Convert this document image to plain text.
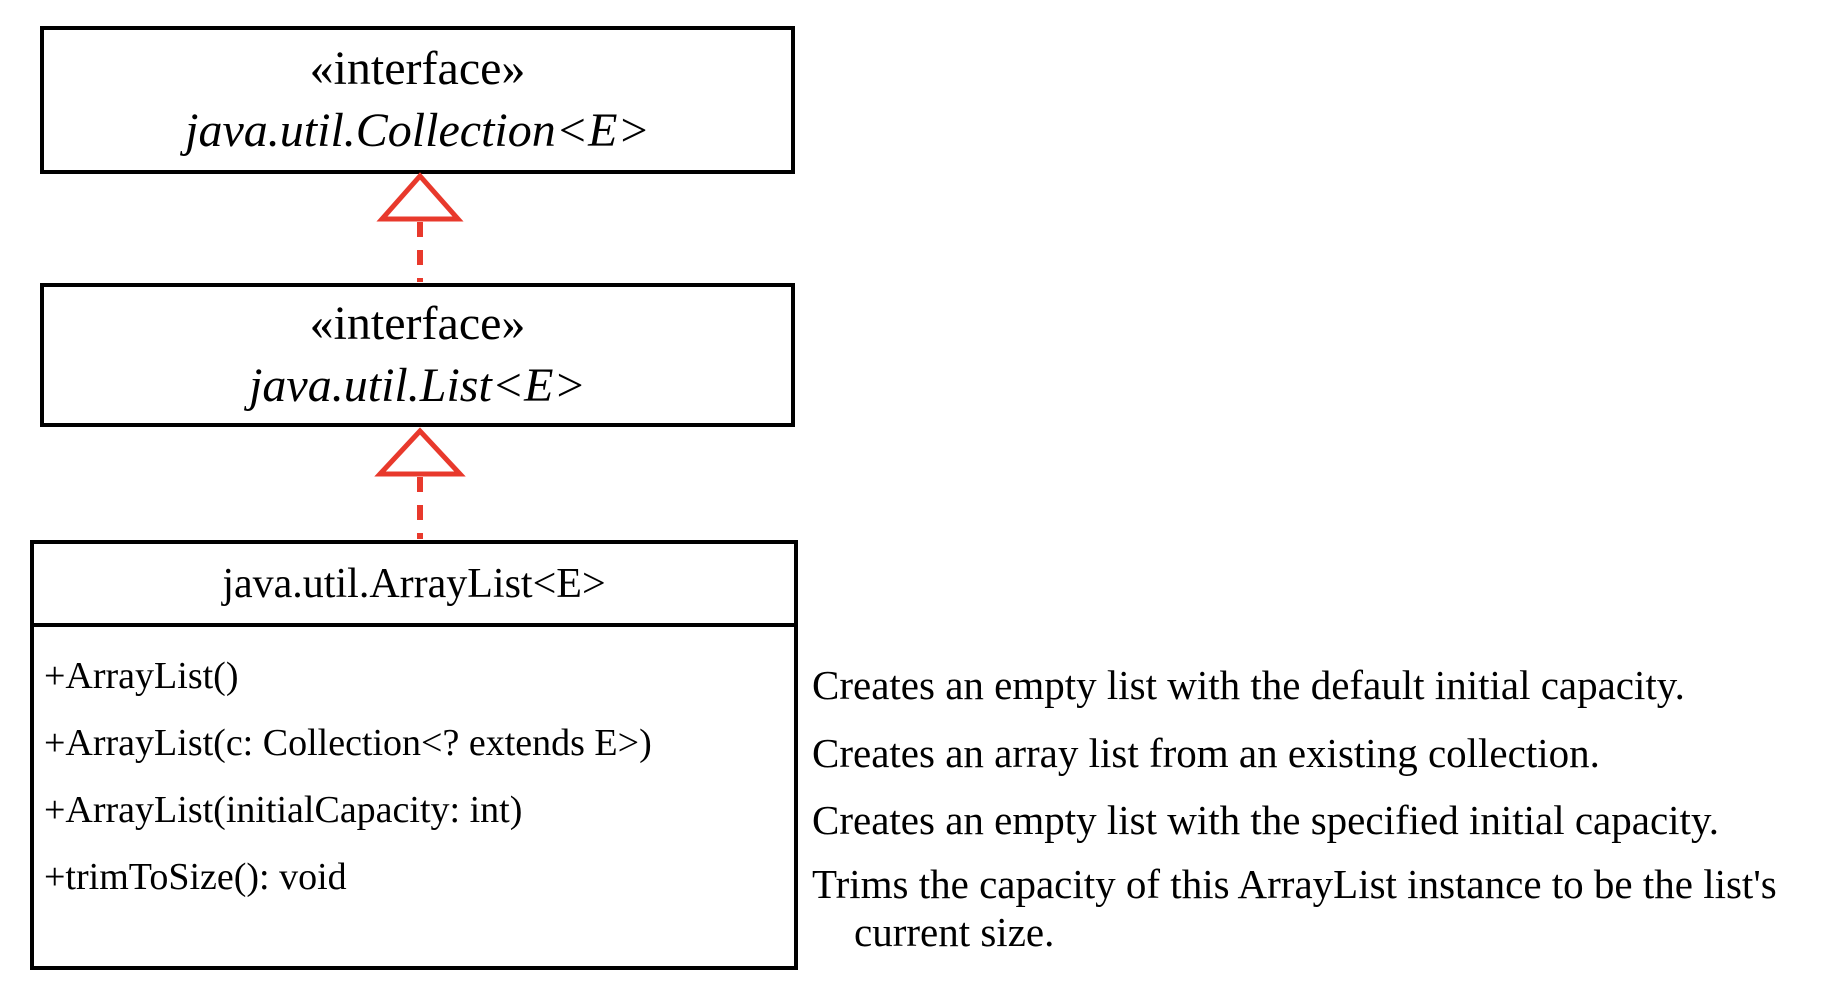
«interface»
java.util.Collection<E>
«interface»
java.util.List<E>
java.util.ArrayList<E>
+ArrayList()
+ArrayList(c: Collection<? extends E>)
+ArrayList(initialCapacity: int)
+trimToSize(): void

Creates an empty list with the default initial capacity.

Creates an array list from an existing collection.

Creates an empty list with the specified initial capacity.

Trims the capacity of this ArrayList instance to be the list's current size.
